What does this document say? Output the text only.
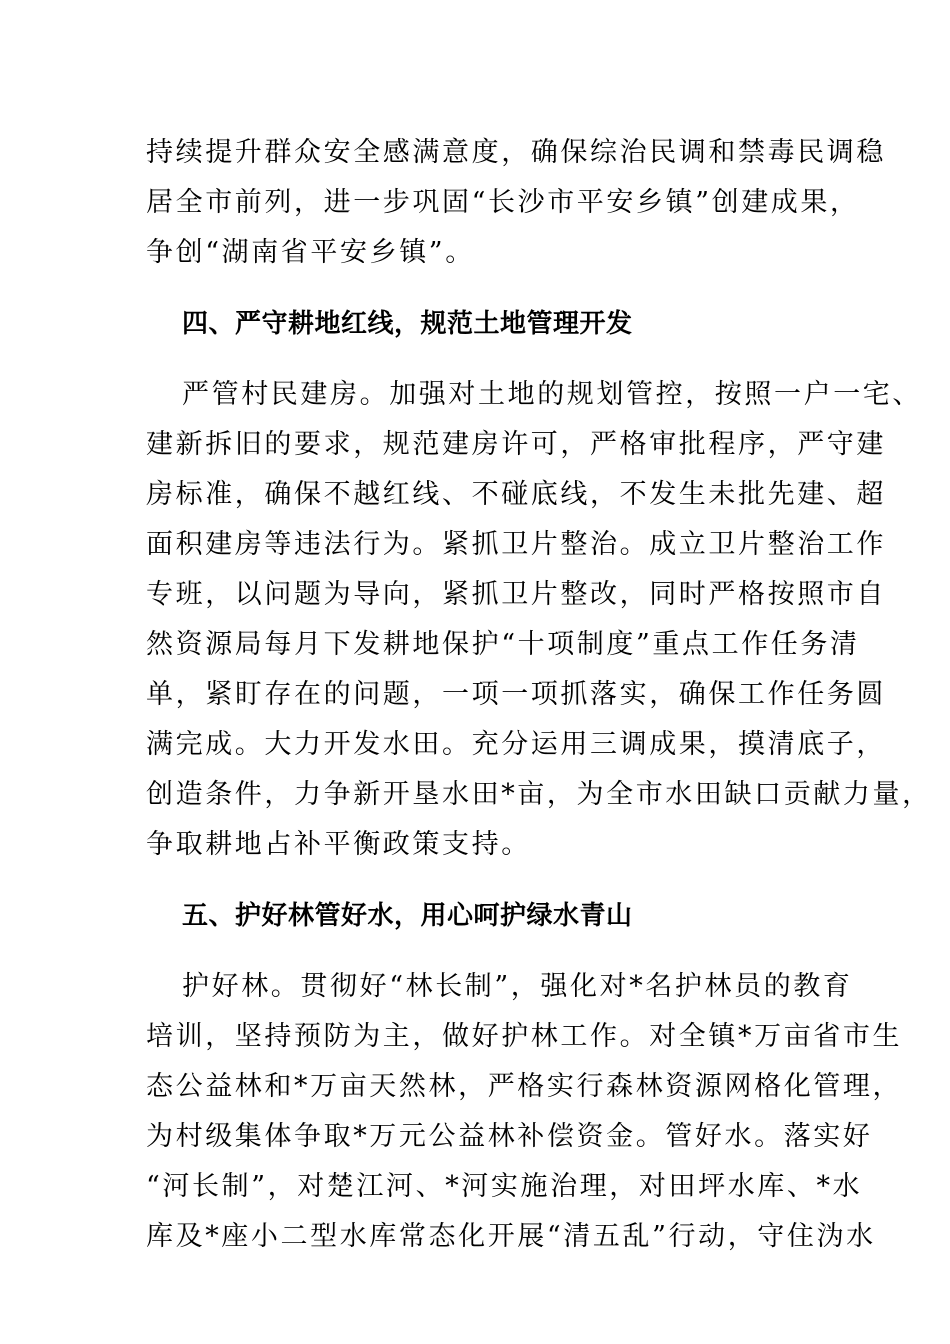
持续提升群众安全感满意度，确保综治民调和禁毒民调稳
居全市前列，进一步巩固“长沙市平安乡镇”创建成果，
争创“湖南省平安乡镇”。
四、严守耕地红线，规范土地管理开发
严管村民建房。加强对土地的规划管控，按照一户一宅、
建新拆旧的要求，规范建房许可，严格审批程序，严守建
房标准，确保不越红线、不碰底线，不发生未批先建、超
面积建房等违法行为。紧抓卫片整治。成立卫片整治工作
专班，以问题为导向，紧抓卫片整改，同时严格按照市自
然资源局每月下发耕地保护“十项制度”重点工作任务清
单，紧盯存在的问题，一项一项抓落实，确保工作任务圆
满完成。大力开发水田。充分运用三调成果，摸清底子，
创造条件，力争新开垦水田*亩，为全市水田缺口贡献力量，
争取耕地占补平衡政策支持。
五、护好林管好水，用心呵护绿水青山
护好林。贯彻好“林长制”，强化对*名护林员的教育
培训，坚持预防为主，做好护林工作。对全镇*万亩省市生
态公益林和*万亩天然林，严格实行森林资源网格化管理，
为村级集体争取*万元公益林补偿资金。管好水。落实好
“河长制”，对楚江河、*河实施治理，对田坪水库、*水
库及*座小二型水库常态化开展“清五乱”行动，守住沩水
